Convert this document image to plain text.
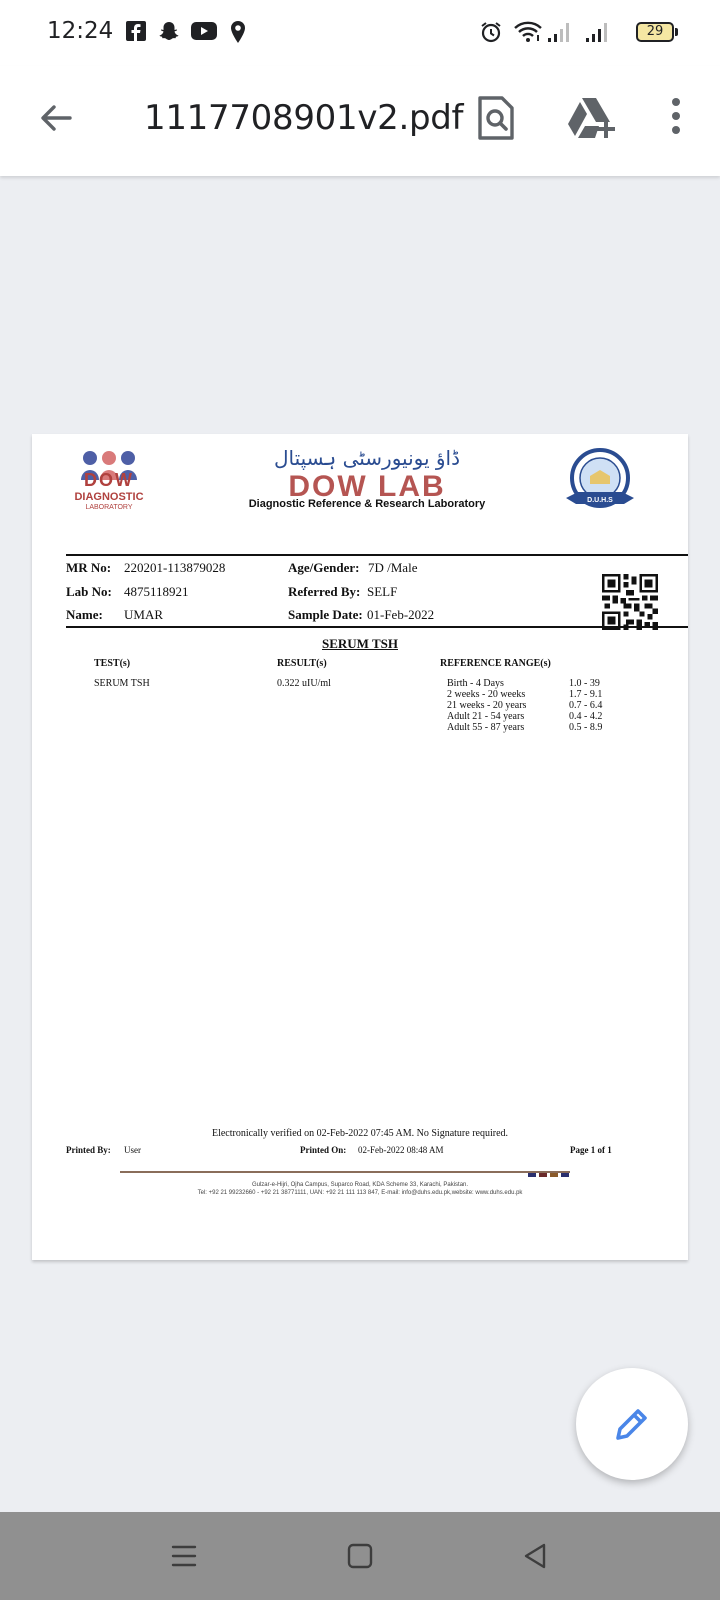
12:24	29
1117708901v2.pdf
DOW
DIAGNOSTIC
LABORATORY
ڈاؤ یونیورسٹی ہسپتال
DOW LAB
Diagnostic Reference & Research Laboratory	D.U.H.S
MR No: 220201-113879028	Age/Gender: 7D /Male
Lab No: 4875118921	Referred By: SELF
Name: UMAR	Sample Date: 01-Feb-2022
SERUM TSH
TEST(s)	RESULT(s)	REFERENCE RANGE(s)
SERUM TSH	0.322 uIU/ml	Birth - 4 Days	1.0 - 39
2 weeks - 20 weeks	1.7 - 9.1
21 weeks - 20 years	0.7 - 6.4
Adult 21 - 54 years	0.4 - 4.2
Adult 55 - 87 years	0.5 - 8.9
Electronically verified on 02-Feb-2022 07:45 AM. No Signature required.
Printed By: User	Printed On: 02-Feb-2022 08:48 AM	Page 1 of 1
Gulzar-e-Hijri, Ojha Campus, Suparco Road, KDA Scheme 33, Karachi, Pakistan.
Tel: +92 21 99232660 - +92 21 38771111, UAN: +92 21 111 113 847, E-mail: info@duhs.edu.pk,website: www.duhs.edu.pk
